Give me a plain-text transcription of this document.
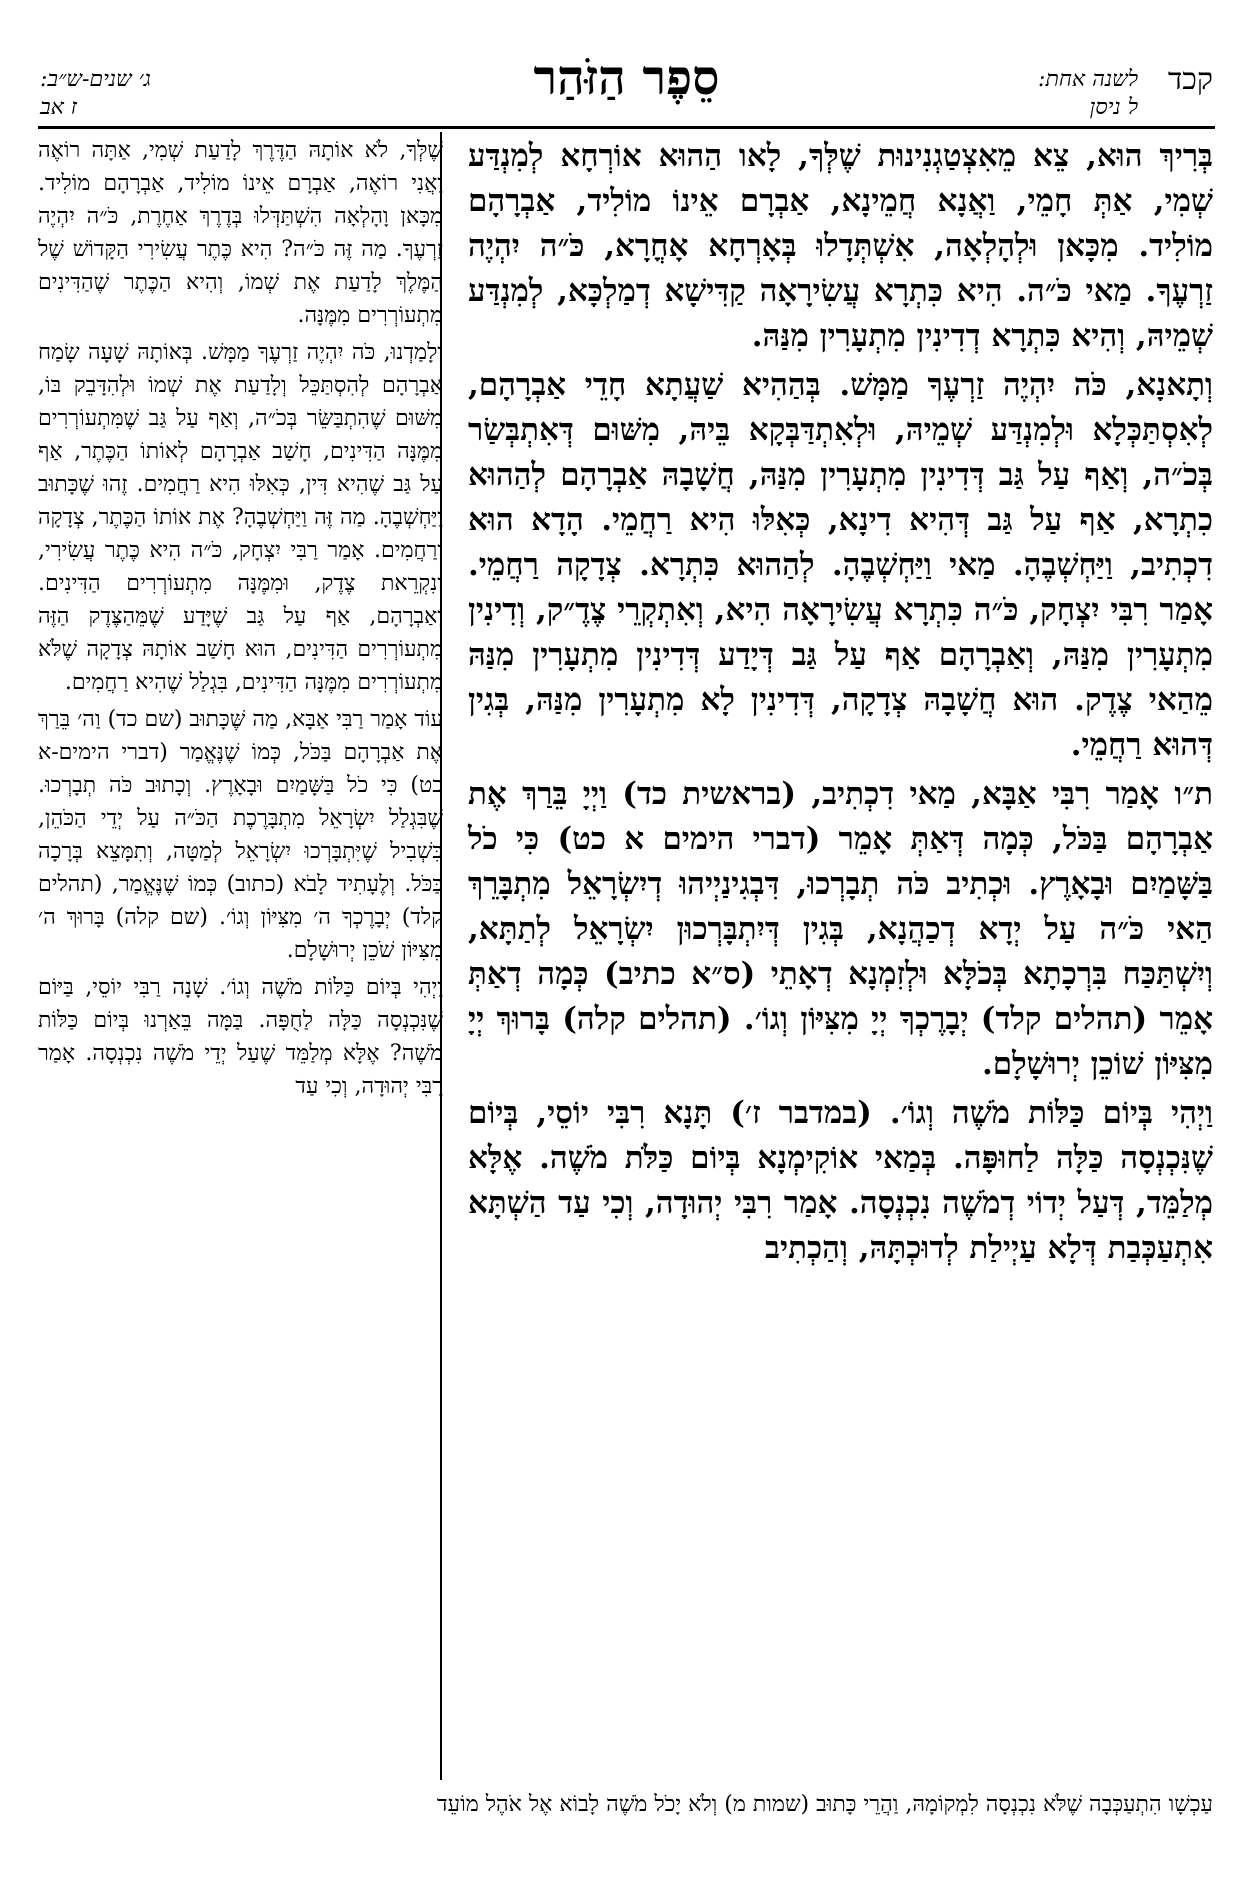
קכד
לשנה אחת:
ל ניסן
סֵפֶר הַזֹּהַר
ג׳ שנים-ש״ב:
ז אב

בְּרִיךְ הוּא, צֵא מֵאִצְטַגְנִינוּת שֶׁלְּךָ, לָאו הַהוּא אוֹרְחָא לְמִנְדַּע שְׁמִי, אַתְּ חָמֵי, וַאֲנָא חֲמֵינָא, אַבְרָם אֵינוֹ מוֹלִיד, אַבְרָהָם מוֹלִיד. מִכָּאן וּלְהָלְאָה, אִשְׁתְּדָלוּ בְּאָרְחָא אָחֳרָא, כֹּ״ה יִהְיֶה זַרְעֶךָ. מַאי כֹּ״ה. הִיא כִּתְרָא עֲשִׂירָאָה קַדִּישָׁא דְמַלְכָּא, לְמִנְדַּע שְׁמֵיהּ, וְהִיא כִּתְרָא דְדִינִין מִתְעָרִין מִנַּהּ.

וְתָאנָא, כֹּה יִהְיֶה זַרְעֶךָ מַמָּשׁ. בְּהַהִיא שַׁעֲתָא חָדֵי אַבְרָהָם, לְאִסְתַּכְּלָא וּלְמִנְדַּע שְׁמֵיהּ, וּלְאִתְדַּבְּקָא בֵּיהּ, מִשּׁוּם דְּאִתְבְּשַׂר בְּכֹ״ה, וְאַף עַל גַּב דְּדִינִין מִתְעָרִין מִנַּהּ, חֲשָׁבָהּ אַבְרָהָם לְהַהוּא כִתְרָא, אַף עַל גַּב דְּהִיא דִינָא, כְּאִלּוּ הִיא רַחֲמֵי. הָדָא הוּא דִכְתִיב, וַיַּחְשְׁבֶהָ. מַאי וַיַּחְשְׁבֶהָ. לְהַהוּא כִּתְרָא. צְדָקָה רַחֲמֵי. אָמַר רִבִּי יִצְחָק, כֹּ״ה כִּתְרָא עֲשִׂירָאָה הִיא, וְאִתְקְרֵי צֶדֶ״ק, וְדִינִין מִתְעָרִין מִנַּהּ, וְאַבְרָהָם אַף עַל גַּב דְּיָדַע דְּדִינִין מִתְעָרִין מִנַּהּ מֵהַאי צֶדֶק. הוּא חֲשָׁבָהּ צְדָקָה, דְּדִינִין לָא מִתְעָרִין מִנַּהּ, בְּגִין דְּהוּא רַחֲמֵי.

ת״ו אָמַר רִבִּי אַבָּא, מַאי דִכְתִיב, (בראשית כד) וַיְיָ בֵּרַךְ אֶת אַבְרָהָם בַּכֹּל, כְּמָה דְּאַתְּ אָמֵר (דברי הימים א כט) כִּי כֹל בַּשָּׁמַיִם וּבָאָרֶץ. וּכְתִיב כֹּה תְבָרְכוּ, דִּבְגִינַיְיהוּ דְיִשְׂרָאֵל מִתְבָּרֵךְ הַאי כֹּ״ה עַל יְדָא דְכַהֲנָא, בְּגִין דְּיִתְבָּרְכוּן יִשְׂרָאֵל לְתַתָּא, וְיִשְׁתַּכַּח בִּרְכָתָא בְּכֹלָּא וּלְזִמְנָא דְאָתֵי (ס״א כתיב) כְּמָה דְאַתְּ אָמֵר (תהלים קלד) יְבָרֶכְךָ יְיָ מִצִּיּוֹן וְגוֹ׳. (תהלים קלה) בָּרוּךְ יְיָ מִצִּיּוֹן שׁוֹכֵן יְרוּשָׁלָם.

וַיְהִי בְּיוֹם כַּלּוֹת מֹשֶׁה וְגוֹ׳. (במדבר ז׳) תָּנָא רִבִּי יוֹסֵי, בְּיוֹם שֶׁנִּכְנְסָה כַּלָּה לַחוּפָּה. בְּמַאי אוֹקִימְנָא בְּיוֹם כַּלֹּת מֹשֶׁה. אֶלָּא מְלַמֵּד, דְּעַל יְדוֹי דְמֹשֶׁה נִכְנְסָה. אָמַר רִבִּי יְהוּדָה, וְכִי עַד הַשְׁתָּא אִתְעַכְּבַת דְּלָא עַיְילַת לְדוּכְתָּהּ, וְהַכְתִיב

שֶׁלְּךָ, לֹא אוֹתָהּ הַדֶּרֶךְ לָדַעַת שְׁמִי, אַתָּה רוֹאֶה וַאֲנִי רוֹאֶה, אַבְרָם אֵינוֹ מוֹלִיד, אַבְרָהָם מוֹלִיד. מִכָּאן וָהָלְאָה הִשְׁתַּדְּלוּ בְּדֶרֶךְ אַחֶרֶת, כֹּ״ה יִהְיֶה זַרְעֶךָ. מַה זֶּה כֹּ״ה? הִיא כֶּתֶר עֲשִׂירִי הַקָּדוֹשׁ שֶׁל הַמֶּלֶךְ לָדַעַת אֶת שְׁמוֹ, וְהִיא הַכֶּתֶר שֶׁהַדִּינִים מִתְעוֹרְרִים מִמֶּנָּה.

וְלָמַדְנוּ, כֹּה יִהְיֶה זַרְעֶךָ מַמָּשׁ. בְּאוֹתָהּ שָׁעָה שָׂמַח אַבְרָהָם לְהִסְתַּכֵּל וְלָדַעַת אֶת שְׁמוֹ וּלְהִדָּבֵק בּוֹ, מִשּׁוּם שֶׁהִתְבַּשֵּׂר בְּכֹ״ה, וְאַף עַל גַּב שֶׁמִּתְעוֹרְרִים מִמֶּנָּה הַדִּינִים, חָשַׁב אַבְרָהָם לְאוֹתוֹ הַכֶּתֶר, אַף עַל גַּב שֶׁהִיא דִּין, כְּאִלּוּ הִיא רַחֲמִים. זֶהוּ שֶׁכָּתוּב וַיַּחְשְׁבֶהָ. מַה זֶּה וַיַּחְשְׁבֶהָ? אֶת אוֹתוֹ הַכֶּתֶר, צְדָקָה וְרַחֲמִים. אָמַר רַבִּי יִצְחָק, כֹּ״ה הִיא כֶּתֶר עֲשִׂירִי, וְנִקְרֵאת צֶדֶק, וּמִמֶּנָּה מִתְעוֹרְרִים הַדִּינִים. וְאַבְרָהָם, אַף עַל גַּב שֶׁיָּדַע שֶׁמֵּהַצֶּדֶק הַזֶּה מִתְעוֹרְרִים הַדִּינִים, הוּא חָשַׁב אוֹתָהּ צְדָקָה שֶׁלֹּא מִתְעוֹרְרִים מִמֶּנָּה הַדִּינִים, בִּגְלַל שֶׁהִיא רַחֲמִים.

עוֹד אָמַר רַבִּי אַבָּא, מַה שֶּׁכָּתוּב (שם כד) וַה׳ בֵּרַךְ אֶת אַבְרָהָם בַּכֹּל, כְּמוֹ שֶׁנֶּאֱמַר (דברי הימים-א כט) כִּי כֹל בַּשָּׁמַיִם וּבָאָרֶץ. וְכָתוּב כֹּה תְבָרְכוּ. שֶׁבִּגְלַל יִשְׂרָאֵל מִתְבָּרֶכֶת הַכֹּ״ה עַל יְדֵי הַכֹּהֵן, בִּשְׁבִיל שֶׁיִּתְבָּרְכוּ יִשְׂרָאֵל לְמַטָּה, וְתִמָּצֵא בְּרָכָה בַּכֹּל. וְלֶעָתִיד לָבֹא (כתוב) כְּמוֹ שֶׁנֶּאֱמַר, (תהלים קלד) יְבָרֶכְךָ ה׳ מִצִּיּוֹן וְגוֹ׳. (שם קלה) בָּרוּךְ ה׳ מִצִּיּוֹן שֹׁכֵן יְרוּשָׁלָם.

וַיְהִי בְּיוֹם כַּלּוֹת מֹשֶׁה וְגוֹ׳. שָׁנָה רַבִּי יוֹסֵי, בַּיּוֹם שֶׁנִּכְנְסָה כַּלָּה לַחֻפָּה. בַּמָּה בֵּאַרְנוּ בְּיוֹם כַּלּוֹת מֹשֶׁה? אֶלָּא מְלַמֵּד שֶׁעַל יְדֵי מֹשֶׁה נִכְנְסָה. אָמַר רַבִּי יְהוּדָה, וְכִי עַד

עַכְשָׁו הִתְעַכְּבָה שֶׁלֹּא נִכְנְסָה לִמְקוֹמָהּ, וַהֲרֵי כָּתוּב (שמות מ) וְלֹא יָכֹל מֹשֶׁה לָבוֹא אֶל אֹהֶל מוֹעֵד
